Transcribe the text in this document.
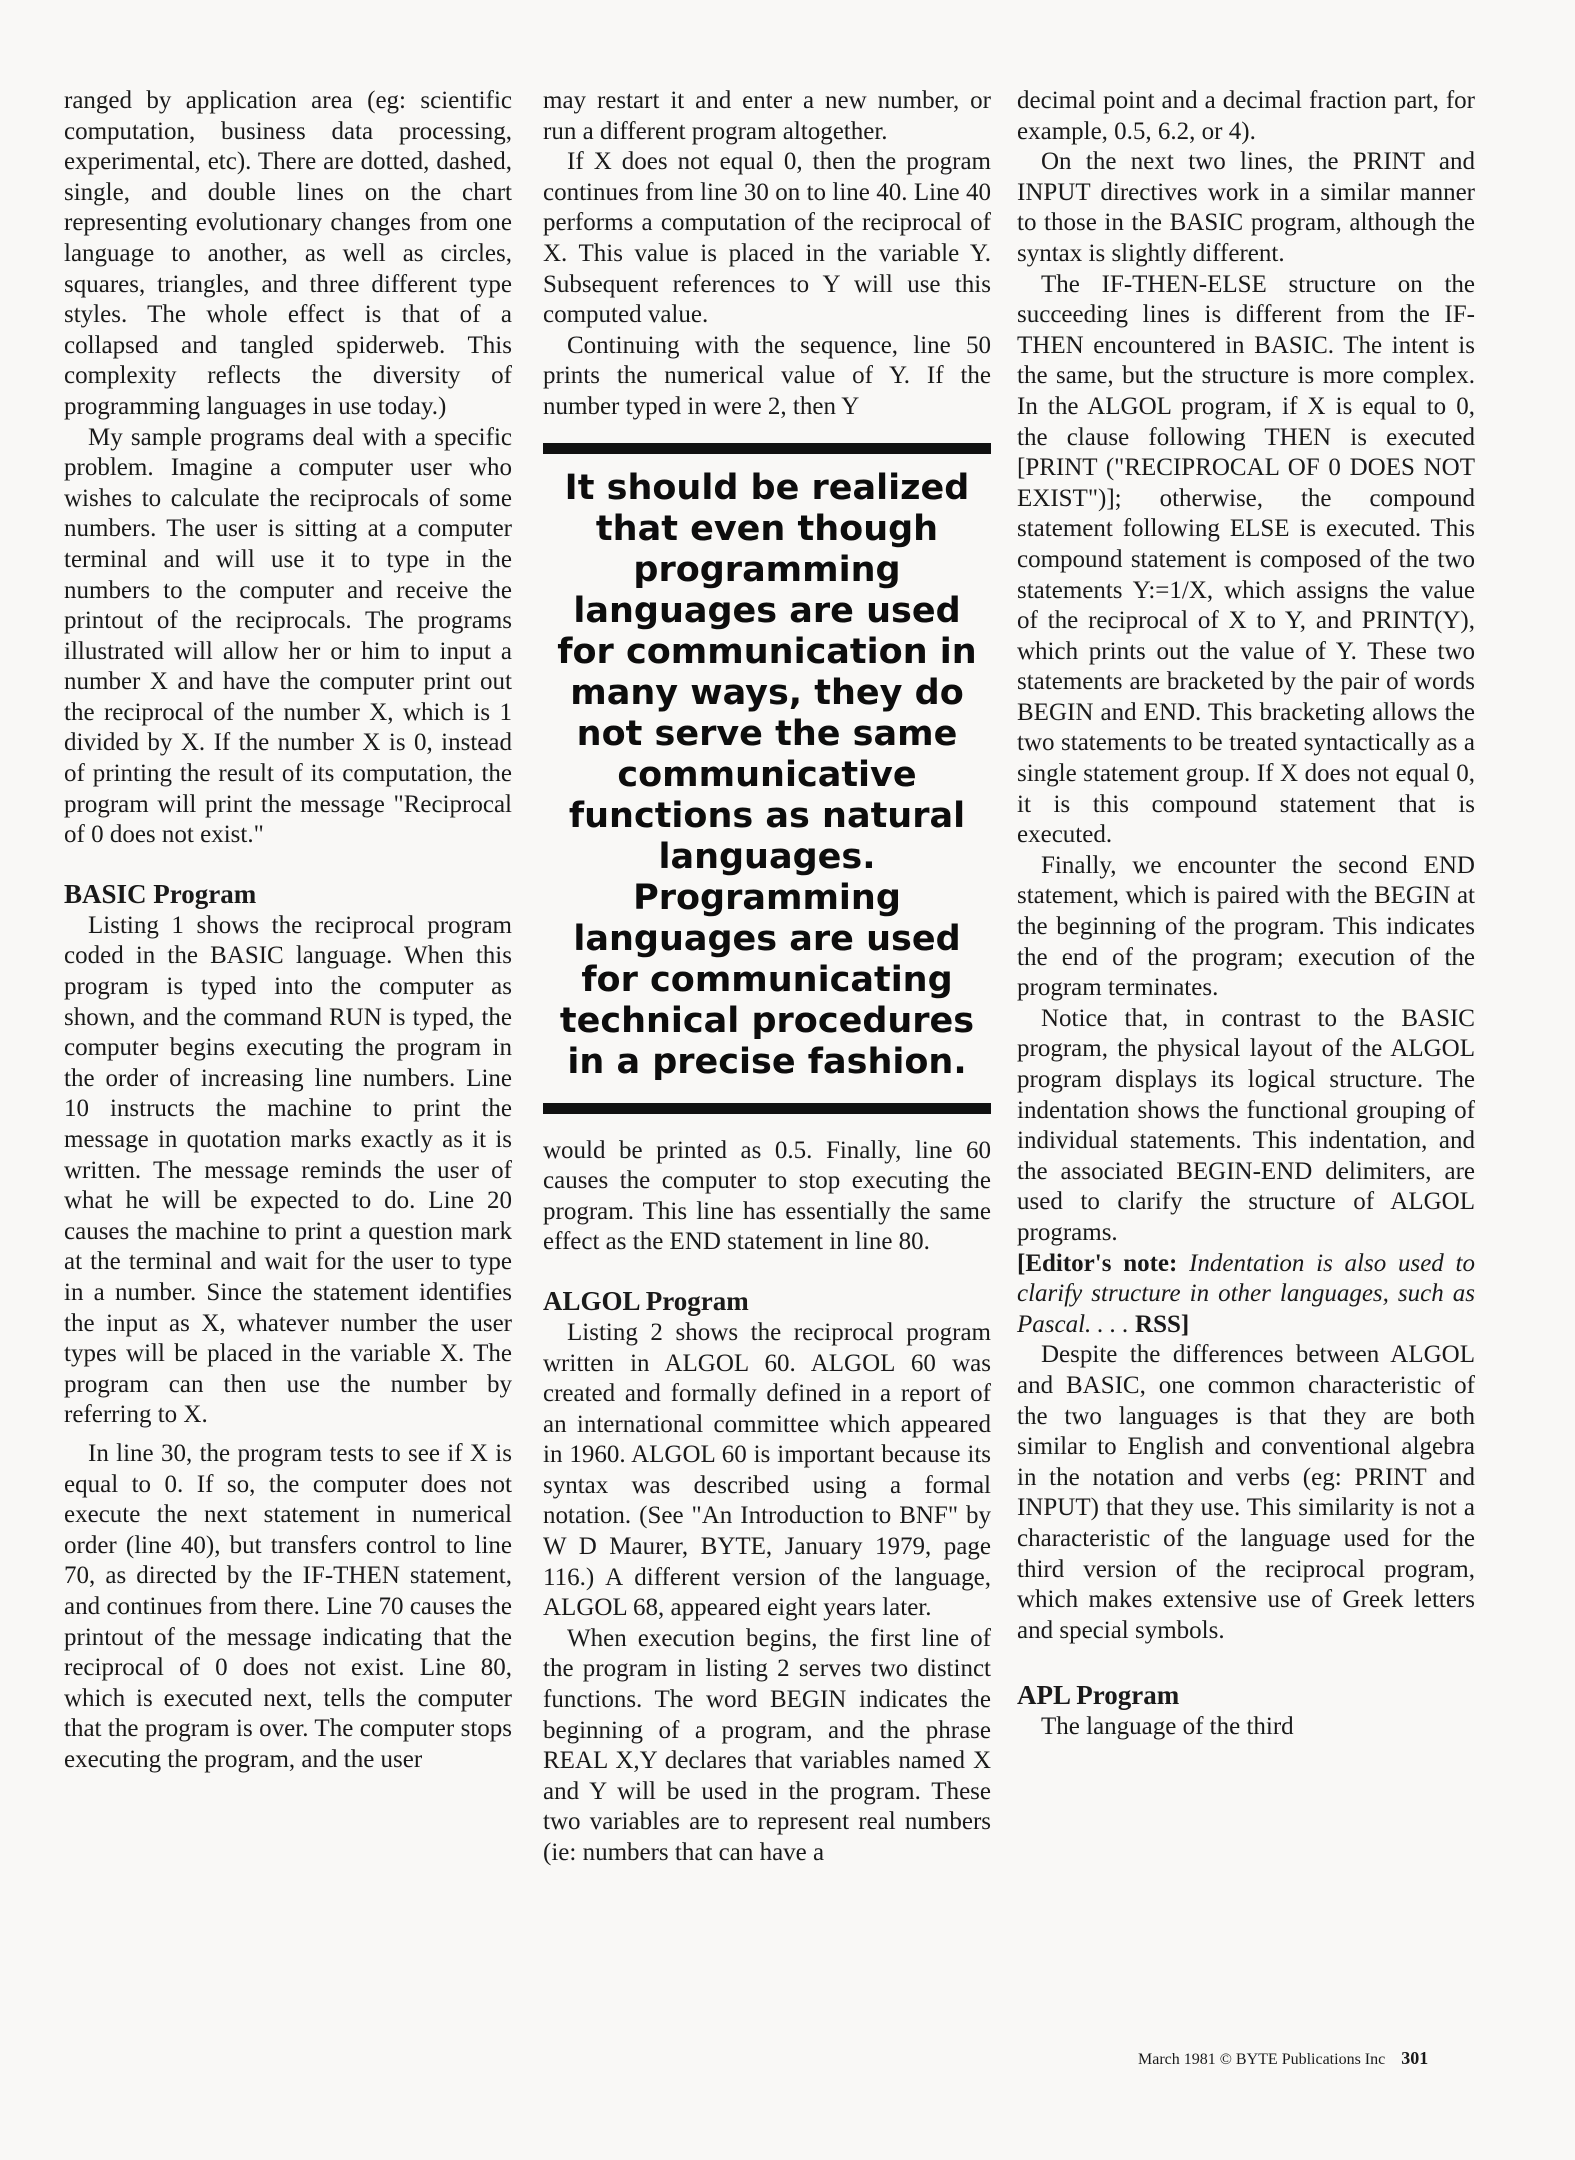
ranged by application area (eg: scientific computation, business data processing, experimental, etc). There are dotted, dashed, single, and double lines on the chart representing evolutionary changes from one language to another, as well as circles, squares, triangles, and three different type styles. The whole effect is that of a collapsed and tangled spiderweb. This complexity reflects the diversity of programming languages in use today.)

My sample programs deal with a specific problem. Imagine a computer user who wishes to calculate the reciprocals of some numbers. The user is sitting at a computer terminal and will use it to type in the numbers to the computer and receive the printout of the reciprocals. The programs illustrated will allow her or him to input a number X and have the computer print out the reciprocal of the number X, which is 1 divided by X. If the number X is 0, instead of printing the result of its computation, the program will print the message "Reciprocal of 0 does not exist."

BASIC Program

Listing 1 shows the reciprocal program coded in the BASIC language. When this program is typed into the computer as shown, and the command RUN is typed, the computer begins executing the program in the order of increasing line numbers. Line 10 instructs the machine to print the message in quotation marks exactly as it is written. The message reminds the user of what he will be expected to do. Line 20 causes the machine to print a question mark at the terminal and wait for the user to type in a number. Since the statement identifies the input as X, whatever number the user types will be placed in the variable X. The program can then use the number by referring to X.

In line 30, the program tests to see if X is equal to 0. If so, the computer does not execute the next statement in numerical order (line 40), but transfers control to line 70, as directed by the IF-THEN statement, and continues from there. Line 70 causes the printout of the message indicating that the reciprocal of 0 does not exist. Line 80, which is executed next, tells the computer that the program is over. The computer stops executing the program, and the user

may restart it and enter a new number, or run a different program altogether.

If X does not equal 0, then the program continues from line 30 on to line 40. Line 40 performs a computation of the reciprocal of X. This value is placed in the variable Y. Subsequent references to Y will use this computed value.

Continuing with the sequence, line 50 prints the numerical value of Y. If the number typed in were 2, then Y

It should be realized that even though programming languages are used for communication in many ways, they do not serve the same communicative functions as natural languages. Programming languages are used for communicating technical procedures in a precise fashion.

would be printed as 0.5. Finally, line 60 causes the computer to stop executing the program. This line has essentially the same effect as the END statement in line 80.

ALGOL Program

Listing 2 shows the reciprocal program written in ALGOL 60. ALGOL 60 was created and formally defined in a report of an international committee which appeared in 1960. ALGOL 60 is important because its syntax was described using a formal notation. (See "An Introduction to BNF" by W D Maurer, BYTE, January 1979, page 116.) A different version of the language, ALGOL 68, appeared eight years later.

When execution begins, the first line of the program in listing 2 serves two distinct functions. The word BEGIN indicates the beginning of a program, and the phrase REAL X,Y declares that variables named X and Y will be used in the program. These two variables are to represent real numbers (ie: numbers that can have a

decimal point and a decimal fraction part, for example, 0.5, 6.2, or 4).

On the next two lines, the PRINT and INPUT directives work in a similar manner to those in the BASIC program, although the syntax is slightly different.

The IF-THEN-ELSE structure on the succeeding lines is different from the IF-THEN encountered in BASIC. The intent is the same, but the structure is more complex. In the ALGOL program, if X is equal to 0, the clause following THEN is executed [PRINT ("RECIPROCAL OF 0 DOES NOT EXIST")]; otherwise, the compound statement following ELSE is executed. This compound statement is composed of the two statements Y:=1/X, which assigns the value of the reciprocal of X to Y, and PRINT(Y), which prints out the value of Y. These two statements are bracketed by the pair of words BEGIN and END. This bracketing allows the two statements to be treated syntactically as a single statement group. If X does not equal 0, it is this compound statement that is executed.

Finally, we encounter the second END statement, which is paired with the BEGIN at the beginning of the program. This indicates the end of the program; execution of the program terminates.

Notice that, in contrast to the BASIC program, the physical layout of the ALGOL program displays its logical structure. The indentation shows the functional grouping of individual statements. This indentation, and the associated BEGIN-END delimiters, are used to clarify the structure of ALGOL programs.

[Editor's note: Indentation is also used to clarify structure in other languages, such as Pascal. . . . RSS]

Despite the differences between ALGOL and BASIC, one common characteristic of the two languages is that they are both similar to English and conventional algebra in the notation and verbs (eg: PRINT and INPUT) that they use. This similarity is not a characteristic of the language used for the third version of the reciprocal program, which makes extensive use of Greek letters and special symbols.

APL Program

The language of the third

March 1981 © BYTE Publications Inc 301
